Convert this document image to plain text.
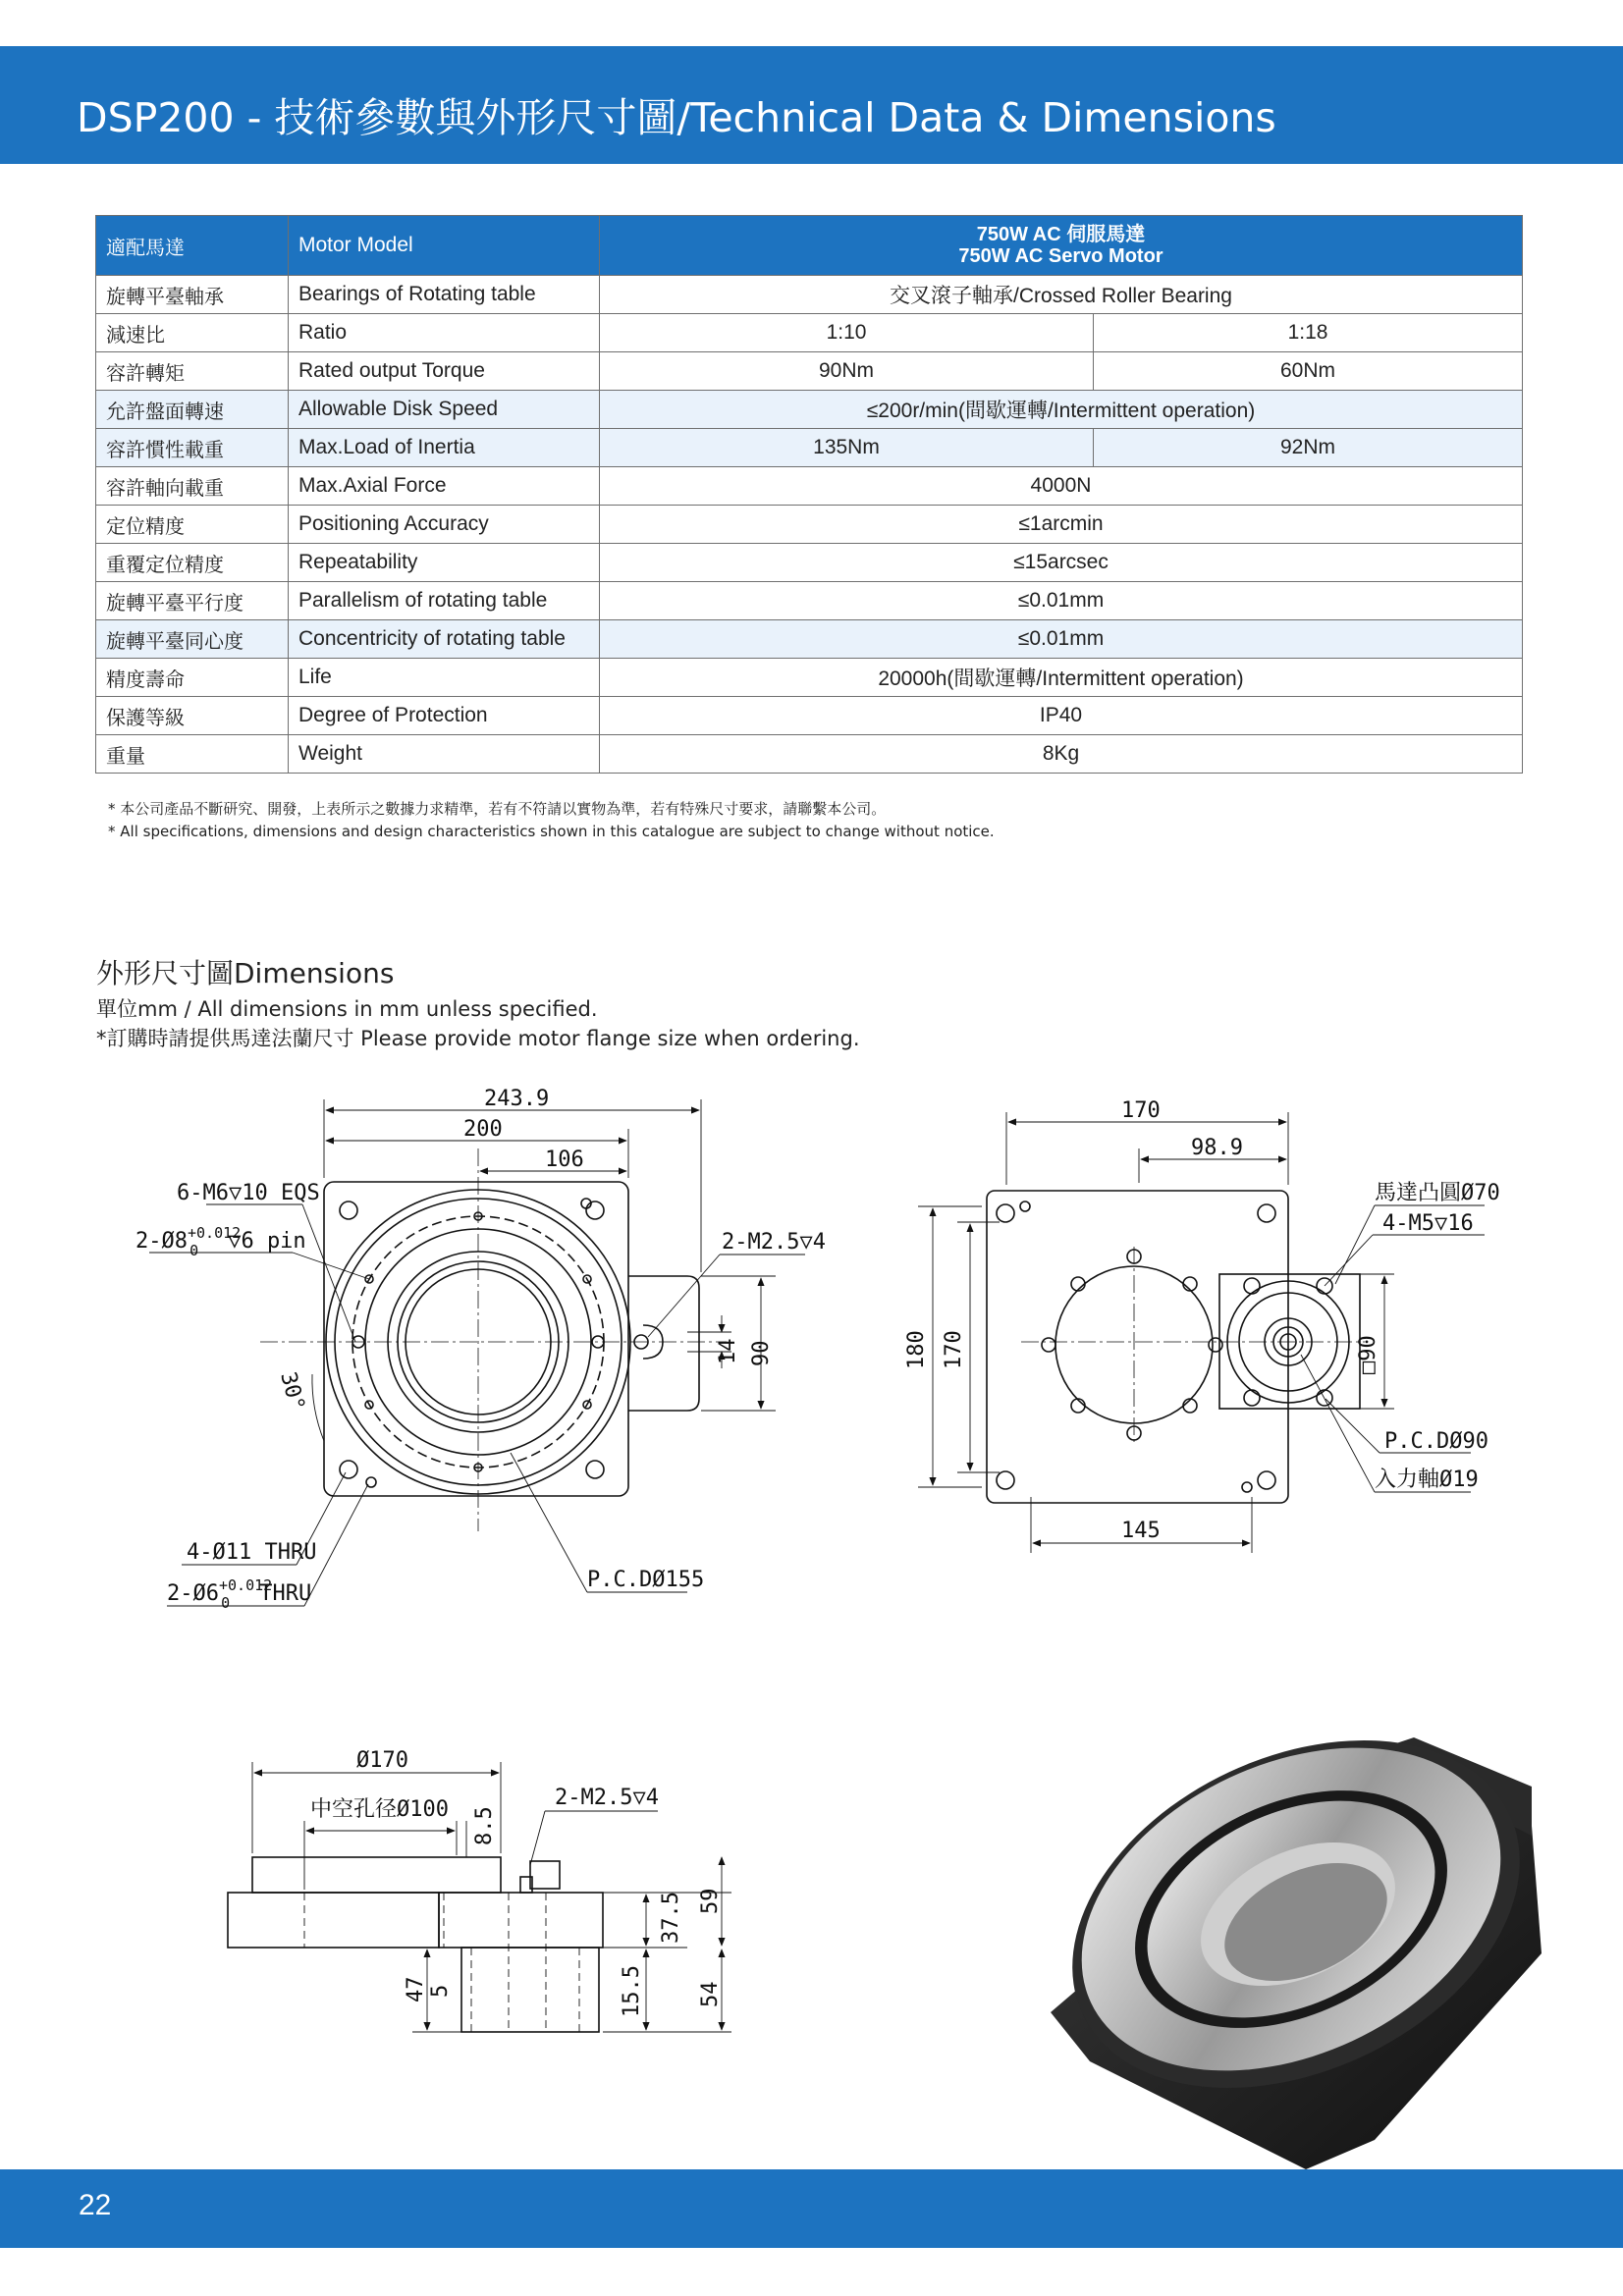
DSP200 - 技術參數與外形尺寸圖/Technical Data & Dimensions
適配馬達	Motor Model	750W AC 伺服馬達
750W AC Servo Motor	

旋轉平臺軸承	Bearings of Rotating table	交叉滾子軸承/Crossed Roller Bearing	
減速比	Ratio	1:10	1:18
容許轉矩	Rated output Torque	90Nm	60Nm
允許盤面轉速	Allowable Disk Speed	≤200r/min(間歇運轉/Intermittent operation)	
容許慣性載重	Max.Load of Inertia	135Nm	92Nm
容許軸向載重	Max.Axial Force	4000N	
定位精度	Positioning Accuracy	≤1arcmin	
重覆定位精度	Repeatability	≤15arcsec	
旋轉平臺平行度	Parallelism of rotating table	≤0.01mm	
旋轉平臺同心度	Concentricity of rotating table	≤0.01mm	
精度壽命	Life	20000h(間歇運轉/Intermittent operation)	
保護等級	Degree of Protection	IP40	
重量	Weight	8Kg	
* 本公司產品不斷研究、開發，上表所示之數據力求精準，若有不符請以實物為準，若有特殊尺寸要求，請聯繫本公司。
* All specifications, dimensions and design characteristics shown in this catalogue are subject to change without notice.
外形尺寸圖Dimensions
單位mm / All dimensions in mm unless specified.
*訂購時請提供馬達法蘭尺寸 Please provide motor flange size when ordering.
243.9
200
106
6-M6▽10 EQS
$2-Ø8^{+0.012}$ 0 ▽6 pin	2-M2.5▽4
14 90
30°
4-Ø11 THRU
$2-Ø6^{+0.012}$ 0 THRU
P.C.DØ155
170
98.9
馬達凸圓Ø70
4-M5▽16
180 170	□90
P.C.DØ90
入力軸Ø19
145
Ø170
中空孔径Ø100 8.5
2-M2.5▽4
37.5 59
15.5	54
47 5
22
